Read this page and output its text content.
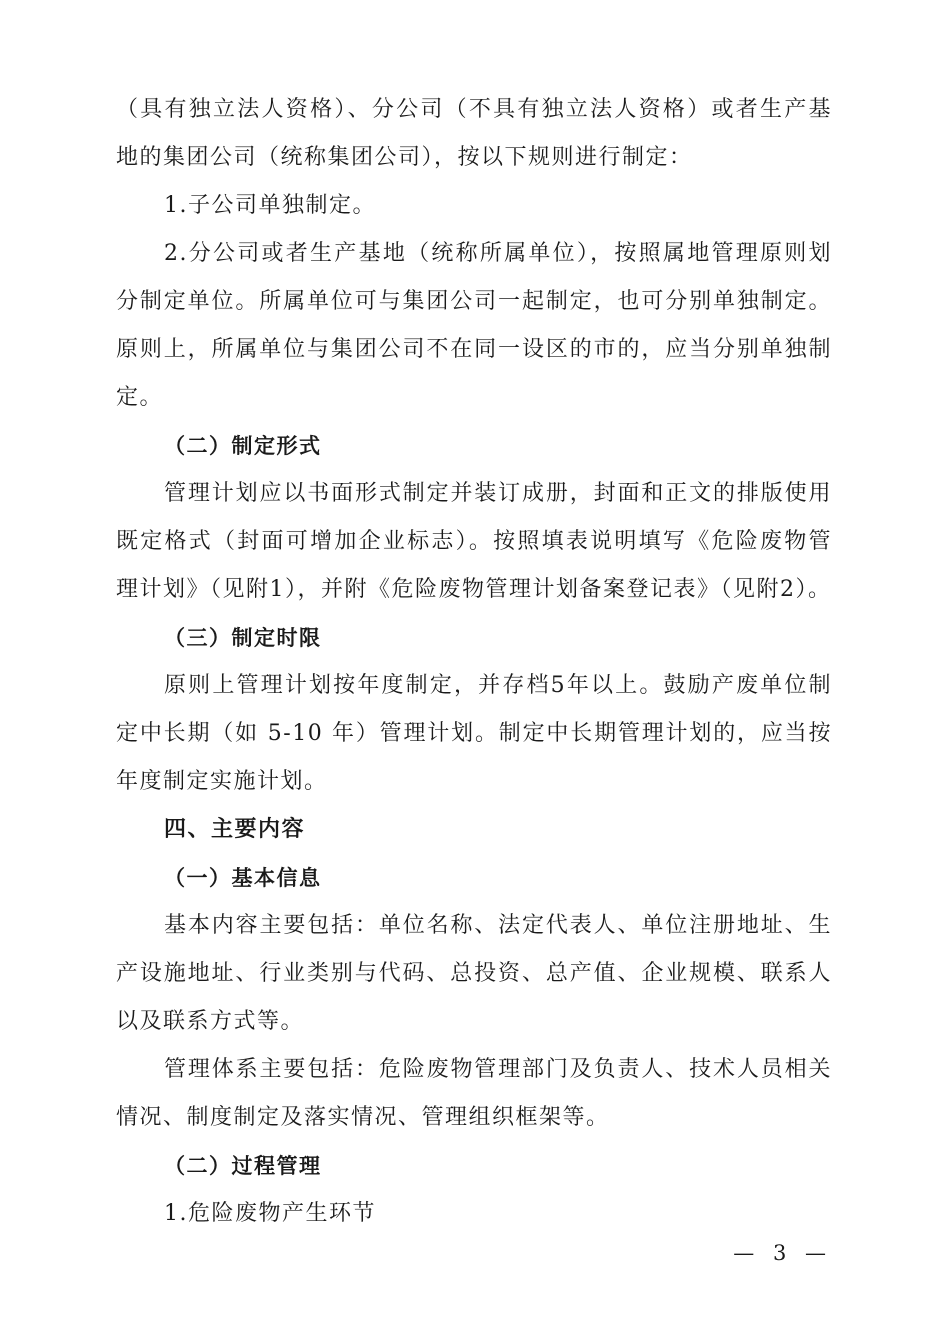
（具有独立法人资格）、分公司（不具有独立法人资格）或者生产基地的集团公司（统称集团公司），按以下规则进行制定：

1.子公司单独制定。

2.分公司或者生产基地（统称所属单位），按照属地管理原则划分制定单位。所属单位可与集团公司一起制定，也可分别单独制定。原则上，所属单位与集团公司不在同一设区的市的，应当分别单独制定。

（二）制定形式

管理计划应以书面形式制定并装订成册，封面和正文的排版使用既定格式（封面可增加企业标志）。按照填表说明填写《危险废物管理计划》（见附1），并附《危险废物管理计划备案登记表》（见附2）。

（三）制定时限

原则上管理计划按年度制定，并存档5年以上。鼓励产废单位制定中长期（如 5-10 年）管理计划。制定中长期管理计划的，应当按年度制定实施计划。

四、主要内容

（一）基本信息

基本内容主要包括：单位名称、法定代表人、单位注册地址、生产设施地址、行业类别与代码、总投资、总产值、企业规模、联系人以及联系方式等。

管理体系主要包括：危险废物管理部门及负责人、技术人员相关情况、制度制定及落实情况、管理组织框架等。

（二）过程管理

1.危险废物产生环节

— 3 —
